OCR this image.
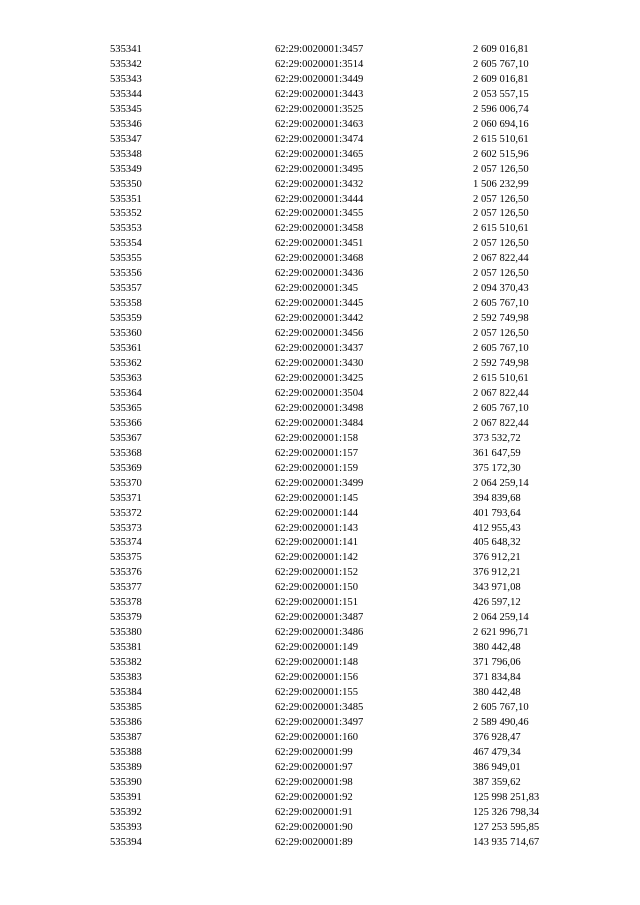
535341	62:29:0020001:3457	2 609 016,81
535342	62:29:0020001:3514	2 605 767,10
535343	62:29:0020001:3449	2 609 016,81
535344	62:29:0020001:3443	2 053 557,15
535345	62:29:0020001:3525	2 596 006,74
535346	62:29:0020001:3463	2 060 694,16
535347	62:29:0020001:3474	2 615 510,61
535348	62:29:0020001:3465	2 602 515,96
535349	62:29:0020001:3495	2 057 126,50
535350	62:29:0020001:3432	1 506 232,99
535351	62:29:0020001:3444	2 057 126,50
535352	62:29:0020001:3455	2 057 126,50
535353	62:29:0020001:3458	2 615 510,61
535354	62:29:0020001:3451	2 057 126,50
535355	62:29:0020001:3468	2 067 822,44
535356	62:29:0020001:3436	2 057 126,50
535357	62:29:0020001:345	2 094 370,43
535358	62:29:0020001:3445	2 605 767,10
535359	62:29:0020001:3442	2 592 749,98
535360	62:29:0020001:3456	2 057 126,50
535361	62:29:0020001:3437	2 605 767,10
535362	62:29:0020001:3430	2 592 749,98
535363	62:29:0020001:3425	2 615 510,61
535364	62:29:0020001:3504	2 067 822,44
535365	62:29:0020001:3498	2 605 767,10
535366	62:29:0020001:3484	2 067 822,44
535367	62:29:0020001:158	373 532,72
535368	62:29:0020001:157	361 647,59
535369	62:29:0020001:159	375 172,30
535370	62:29:0020001:3499	2 064 259,14
535371	62:29:0020001:145	394 839,68
535372	62:29:0020001:144	401 793,64
535373	62:29:0020001:143	412 955,43
535374	62:29:0020001:141	405 648,32
535375	62:29:0020001:142	376 912,21
535376	62:29:0020001:152	376 912,21
535377	62:29:0020001:150	343 971,08
535378	62:29:0020001:151	426 597,12
535379	62:29:0020001:3487	2 064 259,14
535380	62:29:0020001:3486	2 621 996,71
535381	62:29:0020001:149	380 442,48
535382	62:29:0020001:148	371 796,06
535383	62:29:0020001:156	371 834,84
535384	62:29:0020001:155	380 442,48
535385	62:29:0020001:3485	2 605 767,10
535386	62:29:0020001:3497	2 589 490,46
535387	62:29:0020001:160	376 928,47
535388	62:29:0020001:99	467 479,34
535389	62:29:0020001:97	386 949,01
535390	62:29:0020001:98	387 359,62
535391	62:29:0020001:92	125 998 251,83
535392	62:29:0020001:91	125 326 798,34
535393	62:29:0020001:90	127 253 595,85
535394	62:29:0020001:89	143 935 714,67
